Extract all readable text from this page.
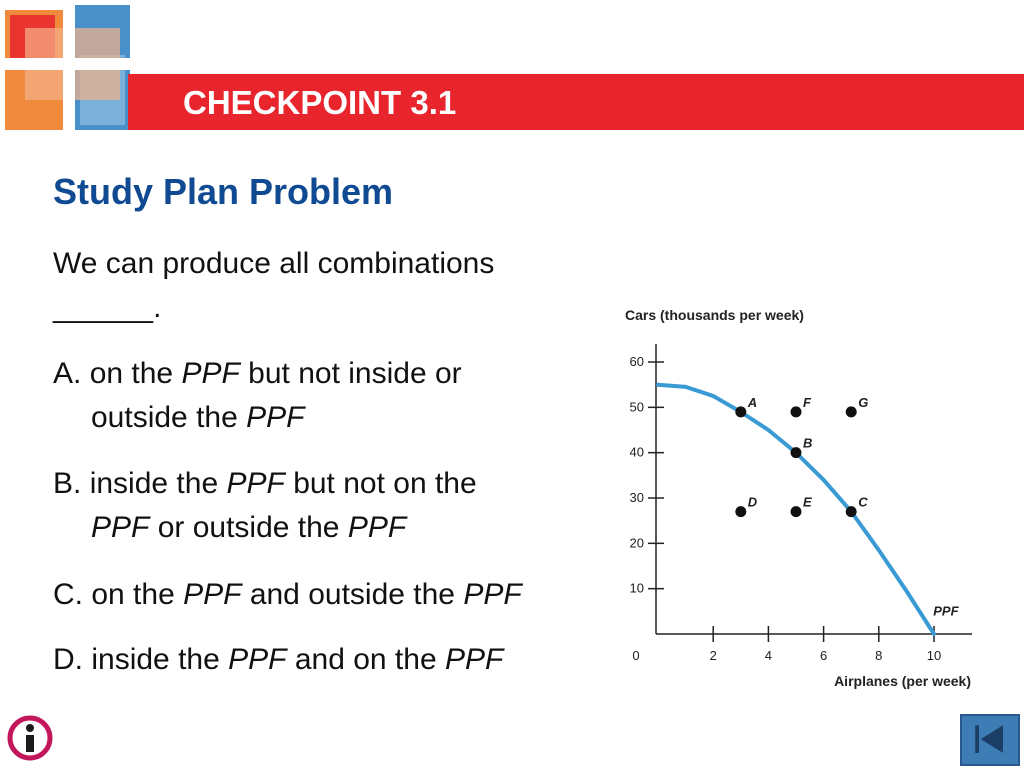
CHECKPOINT 3.1
Study Plan Problem

We can produce all combinations ______.

A. on the PPF but not inside or
outside the PPF

B. inside the PPF but not on the
PPF or outside the PPF

C. on the PPF and outside the PPF

D. inside the PPF and on the PPF

Cars (thousands per week)
Airplanes (per week)
10
20
30
40
50
60
0	2	4	6	8	10
PPF
A	F	G
B
D	E	C
